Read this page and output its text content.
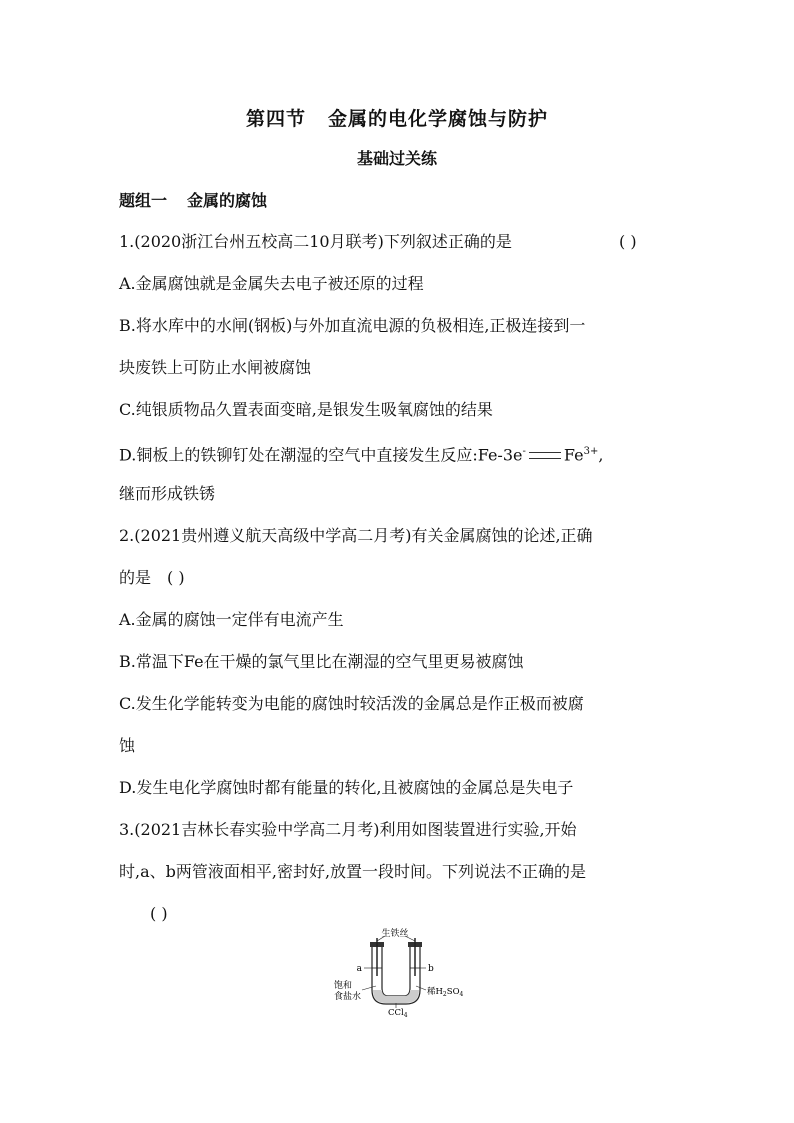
第四节 金属的电化学腐蚀与防护
基础过关练
题组一 金属的腐蚀
1.(2020浙江台州五校高二10月联考)下列叙述正确的是	( )
A.金属腐蚀就是金属失去电子被还原的过程
B.将水库中的水闸(钢板)与外加直流电源的负极相连,正极连接到一
块废铁上可防止水闸被腐蚀
C.纯银质物品久置表面变暗,是银发生吸氧腐蚀的结果
D.铜板上的铁铆钉处在潮湿的空气中直接发生反应:Fe-3e- $Fe^{3+}$,
继而形成铁锈
2.(2021贵州遵义航天高级中学高二月考)有关金属腐蚀的论述,正确
的是 ( )
A.金属的腐蚀一定伴有电流产生
B.常温下Fe在干燥的氯气里比在潮湿的空气里更易被腐蚀
C.发生化学能转变为电能的腐蚀时较活泼的金属总是作正极而被腐
蚀
D.发生电化学腐蚀时都有能量的转化,且被腐蚀的金属总是失电子
3.(2021吉林长春实验中学高二月考)利用如图装置进行实验,开始
时,a、b两管液面相平,密封好,放置一段时间。下列说法不正确的是
( )
生铁丝
a	b
饱和
食盐水	稀$H_2SO_4$
CCl$_4$
